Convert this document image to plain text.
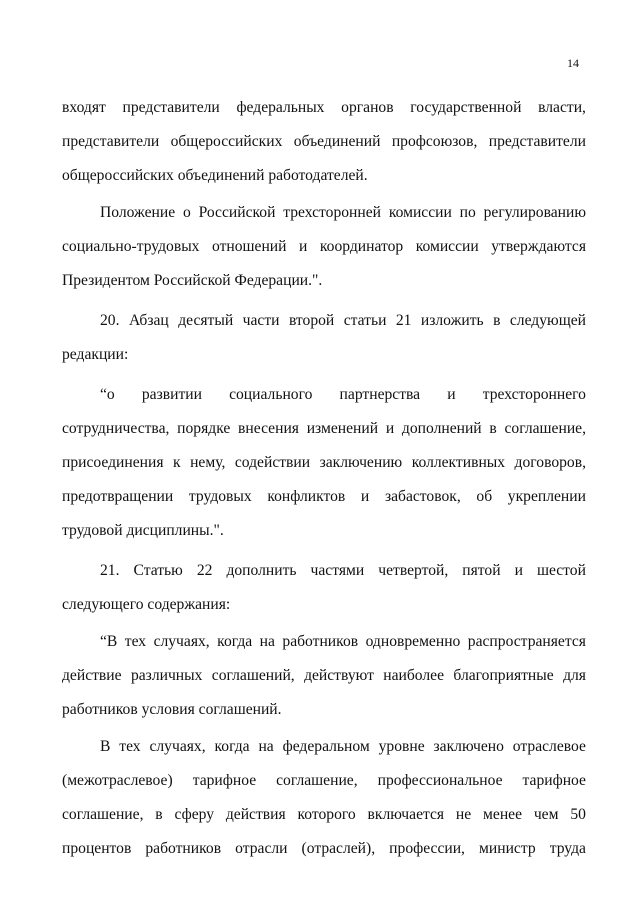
14
входят представители федеральных органов государственной власти,
представители общероссийских объединений профсоюзов, представители
общероссийских объединений работодателей.
Положение о Российской трехсторонней комиссии по регулированию
социально-трудовых отношений и координатор комиссии утверждаются
Президентом Российской Федерации.".
20. Абзац десятый части второй статьи 21 изложить в следующей
редакции:
“о развитии социального партнерства и трехстороннего
сотрудничества, порядке внесения изменений и дополнений в соглашение,
присоединения к нему, содействии заключению коллективных договоров,
предотвращении трудовых конфликтов и забастовок, об укреплении
трудовой дисциплины.".
21. Статью 22 дополнить частями четвертой, пятой и шестой
следующего содержания:
“В тех случаях, когда на работников одновременно распространяется
действие различных соглашений, действуют наиболее благоприятные для
работников условия соглашений.
В тех случаях, когда на федеральном уровне заключено отраслевое
(межотраслевое) тарифное соглашение, профессиональное тарифное
соглашение, в сферу действия которого включается не менее чем 50
процентов работников отрасли (отраслей), профессии, министр труда
